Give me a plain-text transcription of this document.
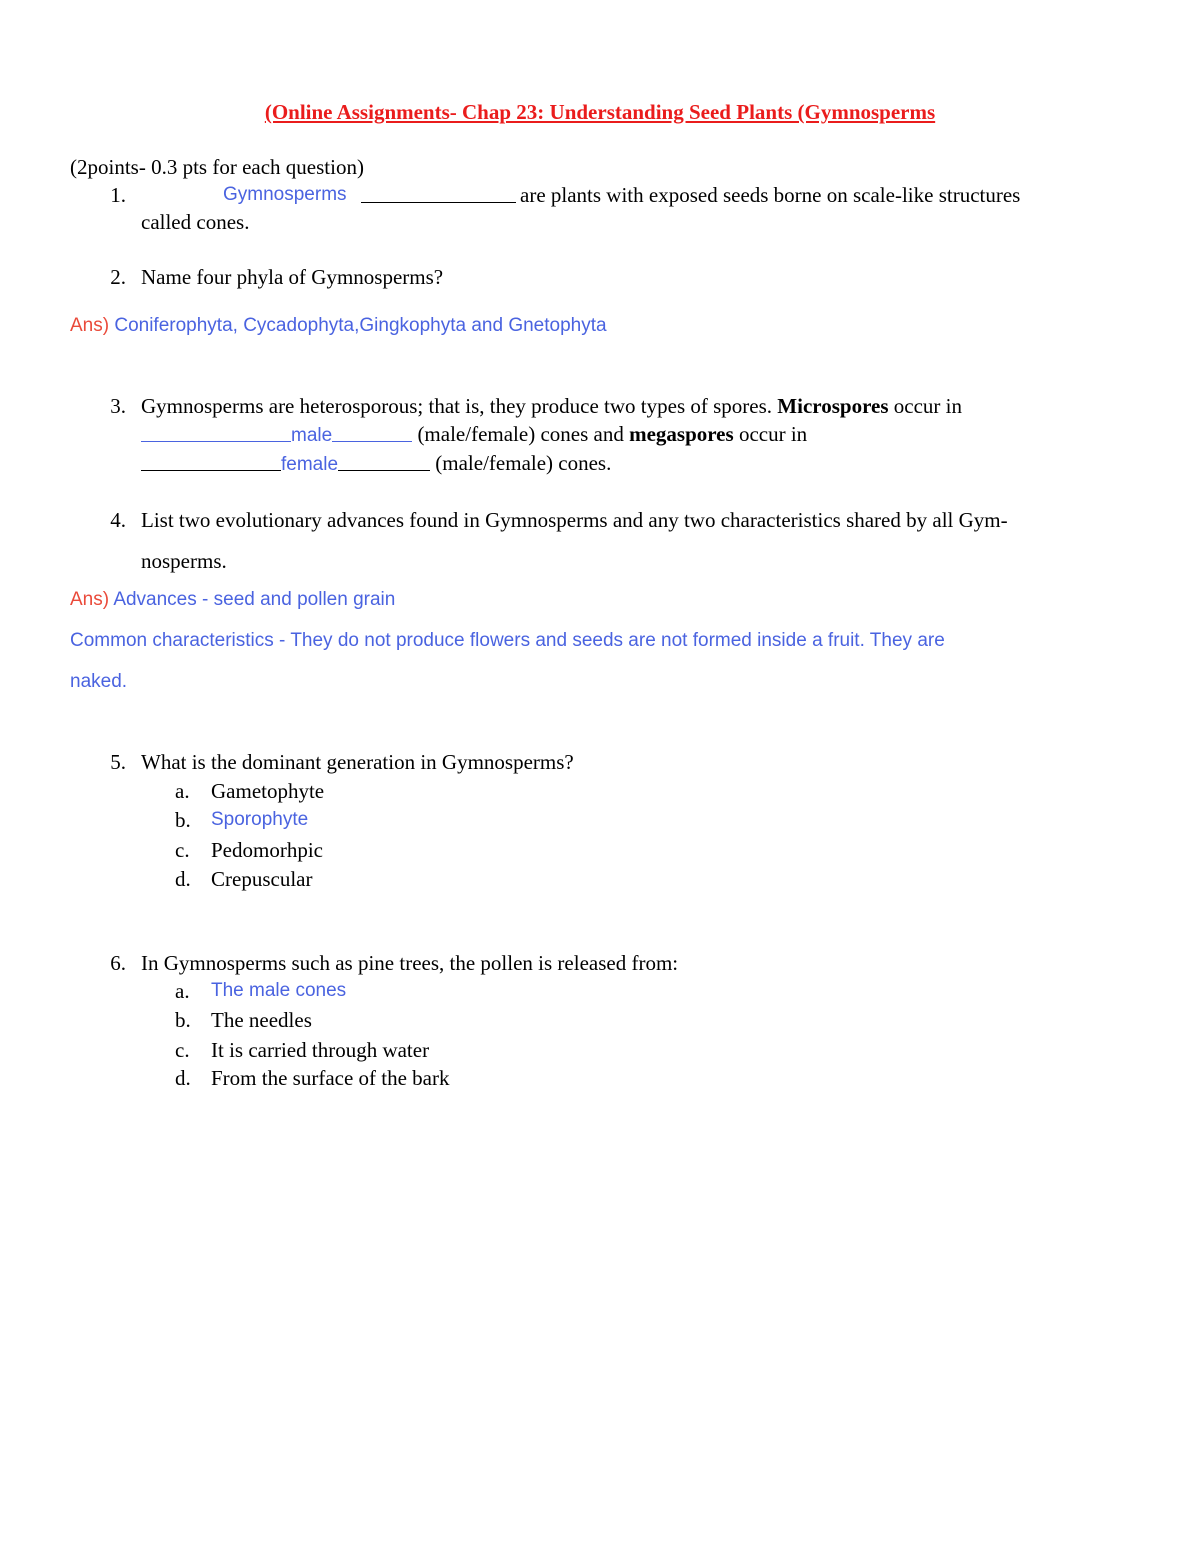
(Online Assignments- Chap 23: Understanding Seed Plants (Gymnosperms
(2points- 0.3 pts for each question)
1.	Gymnosperms	are plants with exposed seeds borne on scale-like structures
called cones.
2. Name four phyla of Gymnosperms?
Ans) Coniferophyta, Cycadophyta,Gingkophyta and Gnetophyta
3. Gymnosperms are heterosporous; that is, they produce two types of spores. Microspores occur in
male	(male/female) cones and megaspores occur in
female	(male/female) cones.
4. List two evolutionary advances found in Gymnosperms and any two characteristics shared by all Gym-
nosperms.
Ans) Advances - seed and pollen grain
Common characteristics - They do not produce flowers and seeds are not formed inside a fruit. They are
naked.
5. What is the dominant generation in Gymnosperms?
a. Gametophyte
b. Sporophyte
c. Pedomorhpic
d. Crepuscular
6. In Gymnosperms such as pine trees, the pollen is released from:
a. The male cones
b. The needles
c. It is carried through water
d. From the surface of the bark
